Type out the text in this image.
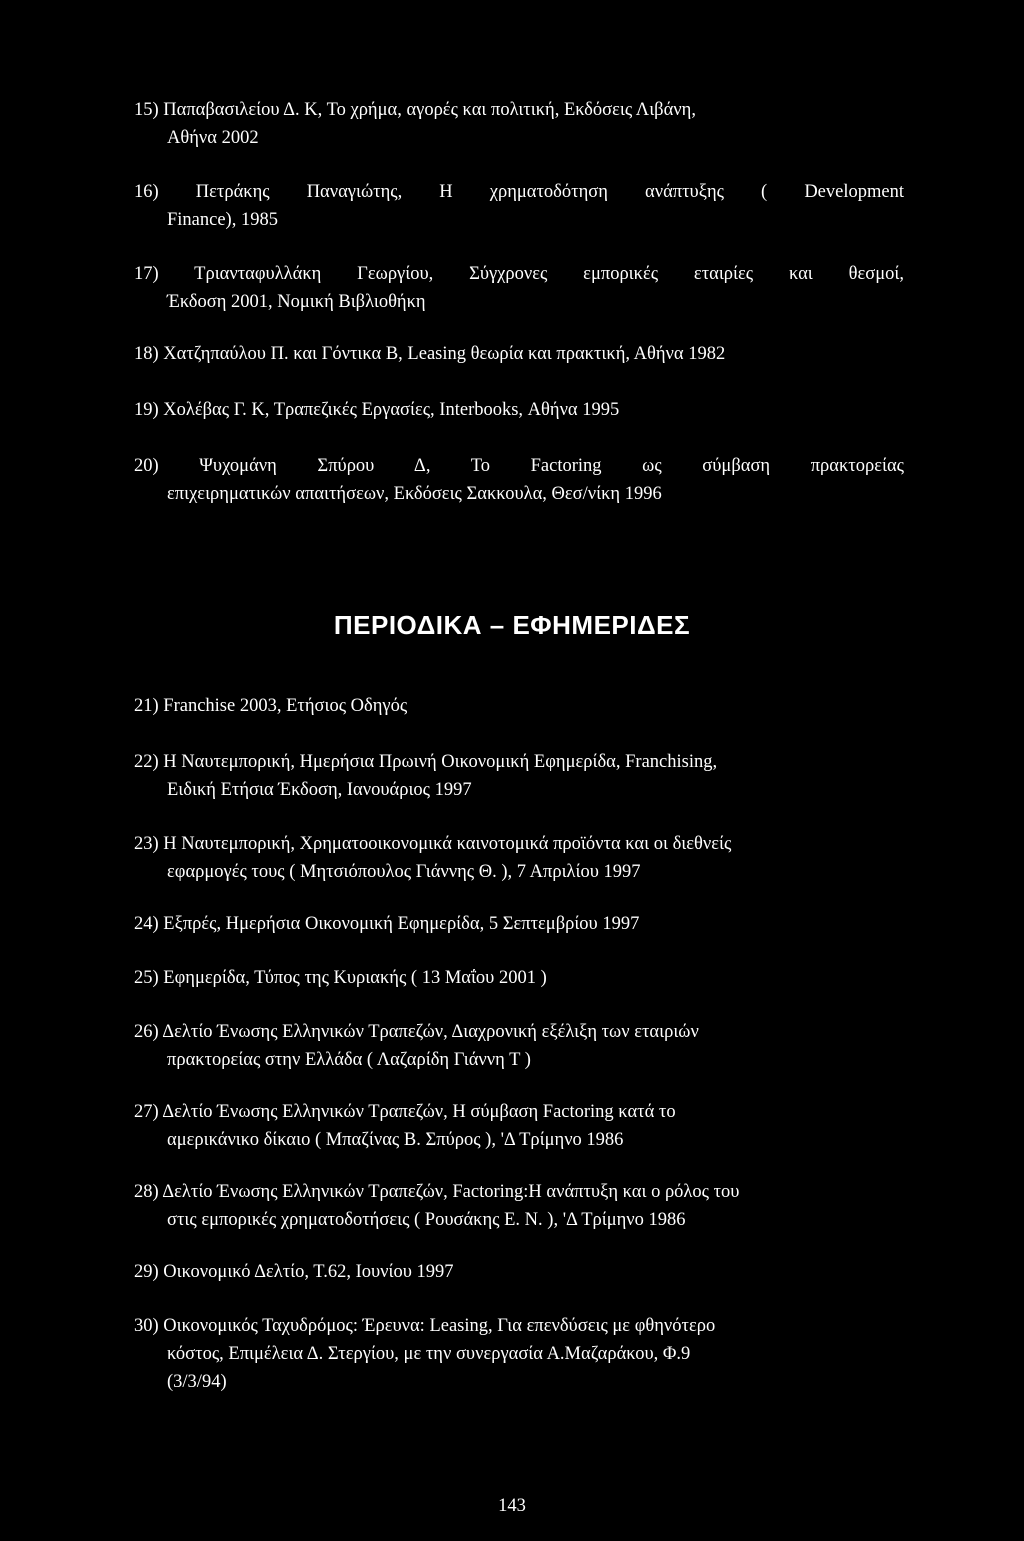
15) Παπαβασιλείου Δ. Κ, Το χρήμα, αγορές και πολιτική, Εκδόσεις Λιβάνη,
Αθήνα 2002
16) Πετράκης Παναγιώτης, Η χρηματοδότηση ανάπτυξης ( Development
Finance), 1985
17) Τριανταφυλλάκη Γεωργίου, Σύγχρονες εμπορικές εταιρίες και θεσμοί,
Έκδοση 2001, Νομική Βιβλιοθήκη
18) Χατζηπαύλου Π. και Γόντικα Β, Leasing θεωρία και πρακτική, Αθήνα 1982
19) Χολέβας Γ. Κ, Τραπεζικές Εργασίες, Interbooks, Αθήνα 1995
20) Ψυχομάνη Σπύρου Δ, Το Factoring ως σύμβαση πρακτορείας
επιχειρηματικών απαιτήσεων, Εκδόσεις Σακκουλα, Θεσ/νίκη 1996
ΠΕΡΙΟΔΙΚΑ – ΕΦΗΜΕΡΙΔΕΣ
21) Franchise 2003, Ετήσιος Οδηγός
22) Η Ναυτεμπορική, Ημερήσια Πρωινή Οικονομική Εφημερίδα, Franchising,
Ειδική Ετήσια Έκδοση, Ιανουάριος 1997
23) Η Ναυτεμπορική, Χρηματοοικονομικά καινοτομικά προϊόντα και οι διεθνείς
εφαρμογές τους ( Μητσιόπουλος Γιάννης Θ. ), 7 Απριλίου 1997
24) Εξπρές, Ημερήσια Οικονομική Εφημερίδα, 5 Σεπτεμβρίου 1997
25) Εφημερίδα, Τύπος της Κυριακής ( 13 Μαΐου 2001 )
26) Δελτίο Ένωσης Ελληνικών Τραπεζών, Διαχρονική εξέλιξη των εταιριών
πρακτορείας στην Ελλάδα ( Λαζαρίδη Γιάννη Τ )
27) Δελτίο Ένωσης Ελληνικών Τραπεζών, Η σύμβαση Factoring κατά το
αμερικάνικο δίκαιο ( Μπαζίνας Β. Σπύρος ), 'Δ Τρίμηνο 1986
28) Δελτίο Ένωσης Ελληνικών Τραπεζών, Factoring:Η ανάπτυξη και ο ρόλος του
στις εμπορικές χρηματοδοτήσεις ( Ρουσάκης Ε. Ν. ), 'Δ Τρίμηνο 1986
29) Οικονομικό Δελτίο, Τ.62, Ιουνίου 1997
30) Οικονομικός Ταχυδρόμος: Έρευνα: Leasing, Για επενδύσεις με φθηνότερο
κόστος, Επιμέλεια Δ. Στεργίου, με την συνεργασία Α.Μαζαράκου, Φ.9
(3/3/94)
143
